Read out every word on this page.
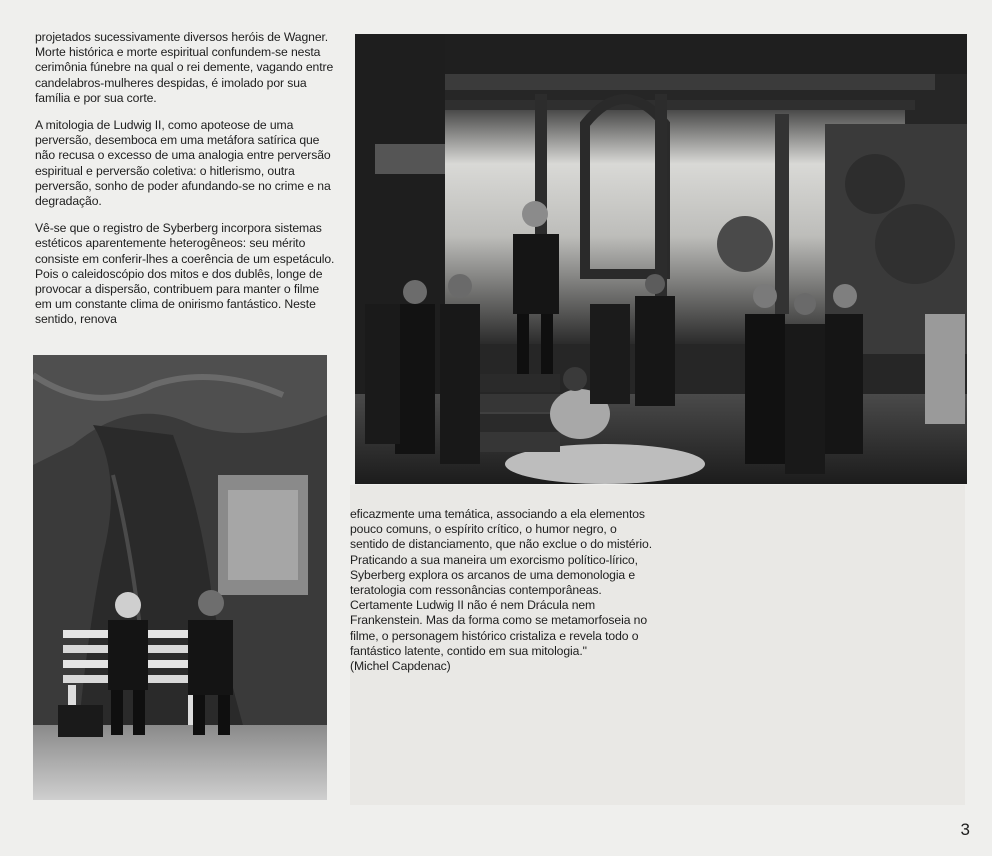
projetados sucessivamente diversos heróis de Wagner. Morte histórica e morte espiritual confundem-se nesta cerimônia fúnebre na qual o rei demente, vagando entre candelabros-mulheres despidas, é imolado por sua família e por sua corte.

A mitologia de Ludwig II, como apoteose de uma perversão, desemboca em uma metáfora satírica que não recusa o excesso de uma analogia entre perversão espiritual e perversão coletiva: o hitlerismo, outra perversão, sonho de poder afundando-se no crime e na degradação.

Vê-se que o registro de Syberberg incorpora sistemas estéticos aparentemente heterogêneos: seu mérito consiste em conferir-lhes a coerência de um espetáculo. Pois o caleidoscópio dos mitos e dos dublês, longe de provocar a dispersão, contribuem para manter o filme em um constante clima de onirismo fantástico. Neste sentido, renova

eficazmente uma temática, associando a ela elementos pouco comuns, o espírito crítico, o humor negro, o sentido de distanciamento, que não exclue o do mistério. Praticando a sua maneira um exorcismo político-lírico, Syberberg explora os arcanos de uma demonologia e teratologia com ressonâncias contemporâneas. Certamente Ludwig II não é nem Drácula nem Frankenstein. Mas da forma como se metamorfoseia no filme, o personagem histórico cristaliza e revela todo o fantástico latente, contido em sua mitologia."
(Michel Capdenac)

3
